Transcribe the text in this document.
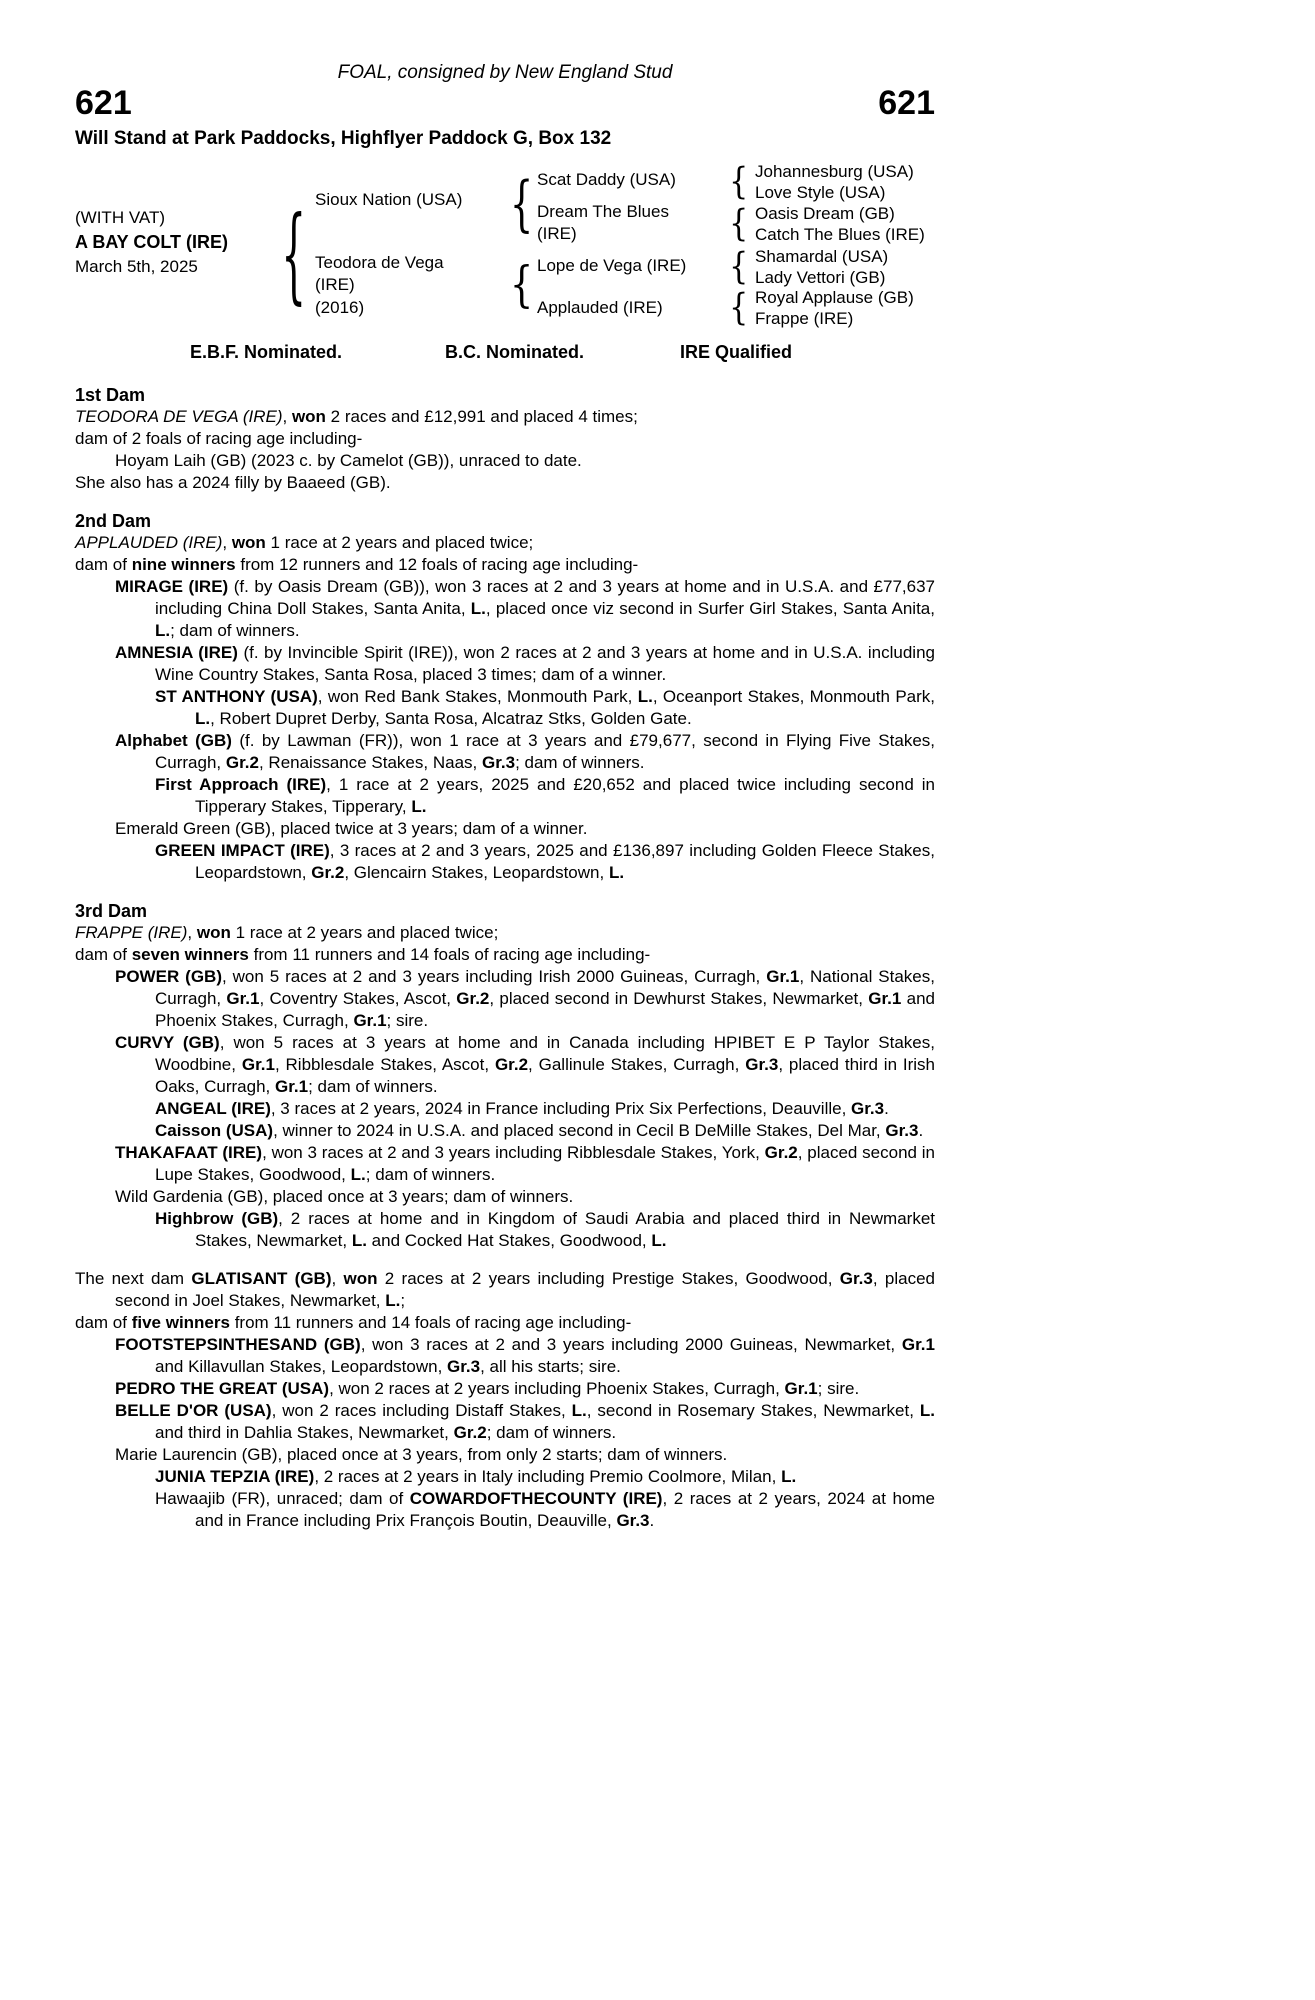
FOAL, consigned by New England Stud
621	621
Will Stand at Park Paddocks, Highflyer Paddock G, Box 132
(WITH VAT)
A BAY COLT (IRE)
March 5th, 2025
{
Sioux Nation (USA)
Teodora de Vega
(IRE)
(2016)
{
Scat Daddy (USA)
Dream The Blues
(IRE)
{
Lope de Vega (IRE)
Applauded (IRE)
{
Johannesburg (USA)
Love Style (USA)
{
Oasis Dream (GB)
Catch The Blues (IRE)
{
Shamardal (USA)
Lady Vettori (GB)
{
Royal Applause (GB)
Frappe (IRE)
E.B.F. Nominated.	B.C. Nominated.	IRE Qualified
1st Dam
TEODORA DE VEGA (IRE), won 2 races and £12,991 and placed 4 times;
dam of 2 foals of racing age including-
Hoyam Laih (GB) (2023 c. by Camelot (GB)), unraced to date.
She also has a 2024 filly by Baaeed (GB).
2nd Dam
APPLAUDED (IRE), won 1 race at 2 years and placed twice;
dam of nine winners from 12 runners and 12 foals of racing age including-
MIRAGE (IRE) (f. by Oasis Dream (GB)), won 3 races at 2 and 3 years at home and in U.S.A. and £77,637 including China Doll Stakes, Santa Anita, L., placed once viz second in Surfer Girl Stakes, Santa Anita, L.; dam of winners.
AMNESIA (IRE) (f. by Invincible Spirit (IRE)), won 2 races at 2 and 3 years at home and in U.S.A. including Wine Country Stakes, Santa Rosa, placed 3 times; dam of a winner.
ST ANTHONY (USA), won Red Bank Stakes, Monmouth Park, L., Oceanport Stakes, Monmouth Park, L., Robert Dupret Derby, Santa Rosa, Alcatraz Stks, Golden Gate.
Alphabet (GB) (f. by Lawman (FR)), won 1 race at 3 years and £79,677, second in Flying Five Stakes, Curragh, Gr.2, Renaissance Stakes, Naas, Gr.3; dam of winners.
First Approach (IRE), 1 race at 2 years, 2025 and £20,652 and placed twice including second in Tipperary Stakes, Tipperary, L.
Emerald Green (GB), placed twice at 3 years; dam of a winner.
GREEN IMPACT (IRE), 3 races at 2 and 3 years, 2025 and £136,897 including Golden Fleece Stakes, Leopardstown, Gr.2, Glencairn Stakes, Leopardstown, L.
3rd Dam
FRAPPE (IRE), won 1 race at 2 years and placed twice;
dam of seven winners from 11 runners and 14 foals of racing age including-
POWER (GB), won 5 races at 2 and 3 years including Irish 2000 Guineas, Curragh, Gr.1, National Stakes, Curragh, Gr.1, Coventry Stakes, Ascot, Gr.2, placed second in Dewhurst Stakes, Newmarket, Gr.1 and Phoenix Stakes, Curragh, Gr.1; sire.
CURVY (GB), won 5 races at 3 years at home and in Canada including HPIBET E P Taylor Stakes, Woodbine, Gr.1, Ribblesdale Stakes, Ascot, Gr.2, Gallinule Stakes, Curragh, Gr.3, placed third in Irish Oaks, Curragh, Gr.1; dam of winners.
ANGEAL (IRE), 3 races at 2 years, 2024 in France including Prix Six Perfections, Deauville, Gr.3.
Caisson (USA), winner to 2024 in U.S.A. and placed second in Cecil B DeMille Stakes, Del Mar, Gr.3.
THAKAFAAT (IRE), won 3 races at 2 and 3 years including Ribblesdale Stakes, York, Gr.2, placed second in Lupe Stakes, Goodwood, L.; dam of winners.
Wild Gardenia (GB), placed once at 3 years; dam of winners.
Highbrow (GB), 2 races at home and in Kingdom of Saudi Arabia and placed third in Newmarket Stakes, Newmarket, L. and Cocked Hat Stakes, Goodwood, L.
The next dam GLATISANT (GB), won 2 races at 2 years including Prestige Stakes, Goodwood, Gr.3, placed second in Joel Stakes, Newmarket, L.;
dam of five winners from 11 runners and 14 foals of racing age including-
FOOTSTEPSINTHESAND (GB), won 3 races at 2 and 3 years including 2000 Guineas, Newmarket, Gr.1 and Killavullan Stakes, Leopardstown, Gr.3, all his starts; sire.
PEDRO THE GREAT (USA), won 2 races at 2 years including Phoenix Stakes, Curragh, Gr.1; sire.
BELLE D'OR (USA), won 2 races including Distaff Stakes, L., second in Rosemary Stakes, Newmarket, L. and third in Dahlia Stakes, Newmarket, Gr.2; dam of winners.
Marie Laurencin (GB), placed once at 3 years, from only 2 starts; dam of winners.
JUNIA TEPZIA (IRE), 2 races at 2 years in Italy including Premio Coolmore, Milan, L.
Hawaajib (FR), unraced; dam of COWARDOFTHECOUNTY (IRE), 2 races at 2 years, 2024 at home and in France including Prix François Boutin, Deauville, Gr.3.
